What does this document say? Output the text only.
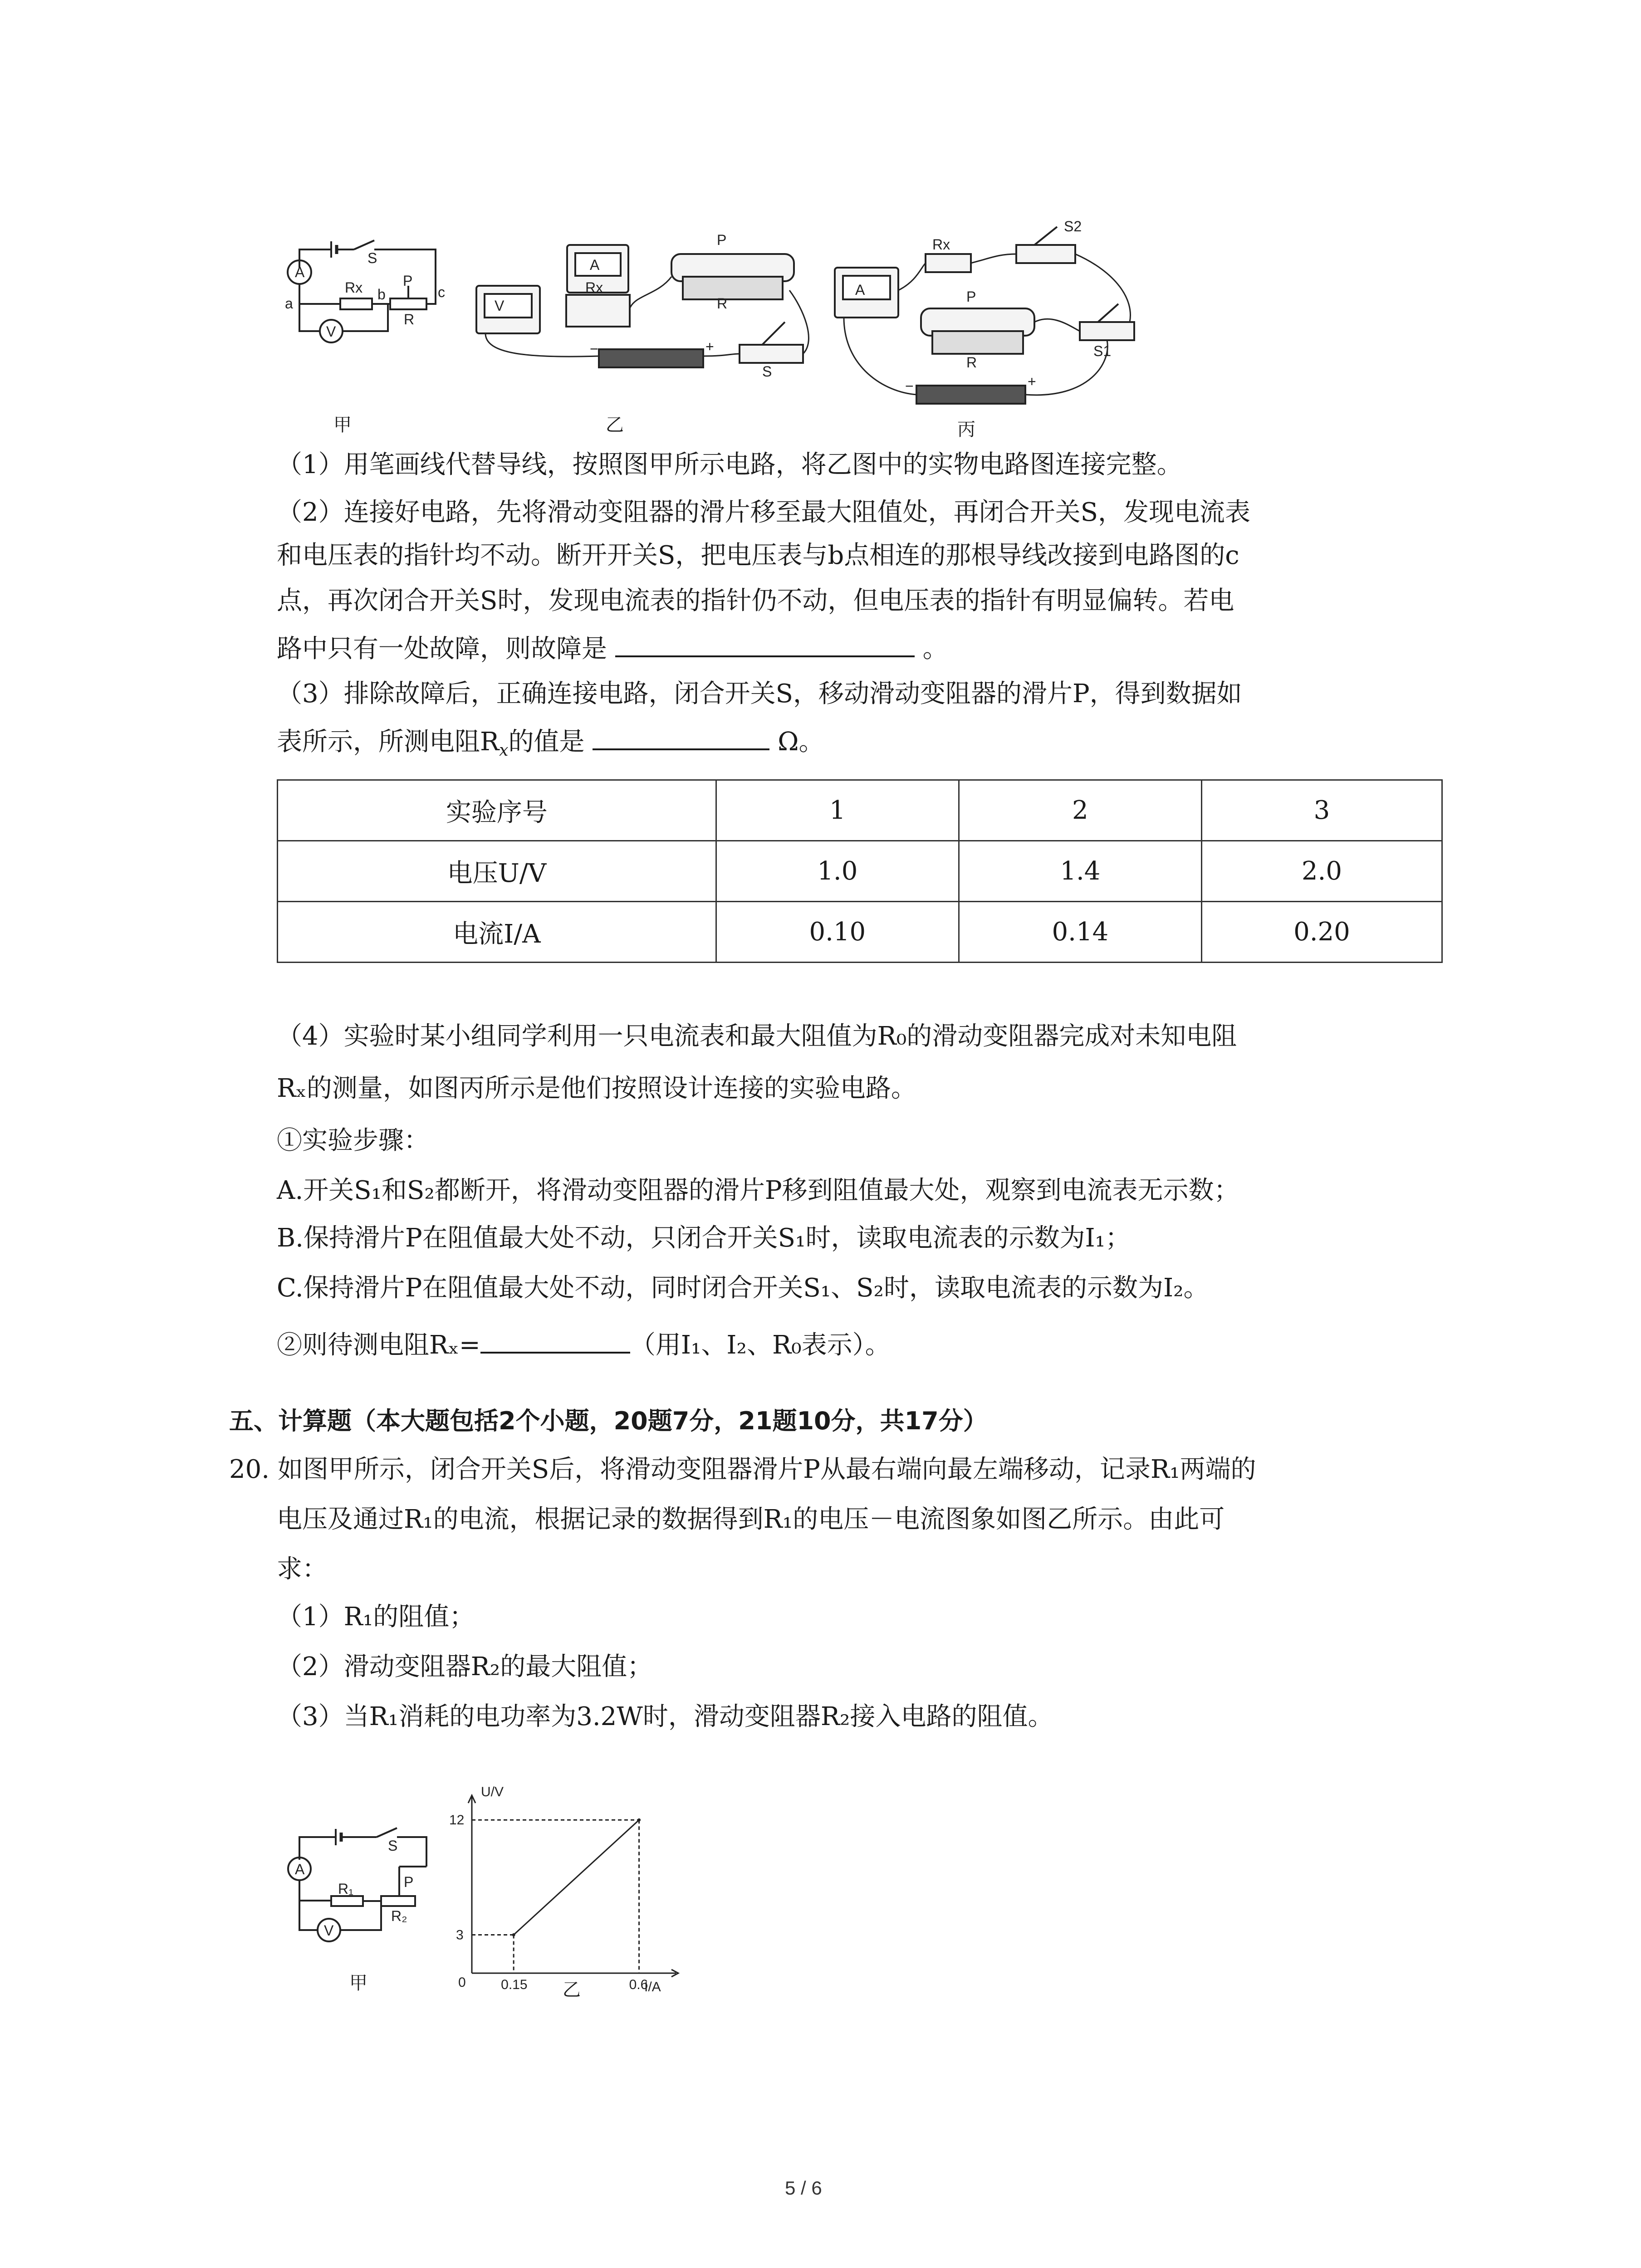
A
V
S
Rx	P
R
a
b	c
V
A
Rx
P
R
S
−	+
A
Rx
S2
P
R
S1
−	+
甲	乙	丙
（1）用笔画线代替导线，按照图甲所示电路，将乙图中的实物电路图连接完整。
（2）连接好电路，先将滑动变阻器的滑片移至最大阻值处，再闭合开关S，发现电流表
和电压表的指针均不动。断开开关S，把电压表与b点相连的那根导线改接到电路图的c
点，再次闭合开关S时，发现电流表的指针仍不动，但电压表的指针有明显偏转。若电
路中只有一处故障，则故障是	。
（3）排除故障后，正确连接电路，闭合开关S，移动滑动变阻器的滑片P，得到数据如
表所示，所测电阻$R_x$的值是	Ω。
实验序号	1	2	3
电压U/V	1.0	1.4	2.0
电流I/A	0.10	0.14	0.20
（4）实验时某小组同学利用一只电流表和最大阻值为R₀的滑动变阻器完成对未知电阻
Rₓ的测量，如图丙所示是他们按照设计连接的实验电路。
①实验步骤：
A.开关S₁和S₂都断开，将滑动变阻器的滑片P移到阻值最大处，观察到电流表无示数；
B.保持滑片P在阻值最大处不动，只闭合开关S₁时，读取电流表的示数为I₁；
C.保持滑片P在阻值最大处不动，同时闭合开关S₁、S₂时，读取电流表的示数为I₂。
②则待测电阻Rₓ=	（用I₁、I₂、R₀表示）。
五、计算题（本大题包括2个小题，20题7分，21题10分，共17分）
20. 如图甲所示，闭合开关S后，将滑动变阻器滑片P从最右端向最左端移动，记录R₁两端的
电压及通过R₁的电流，根据记录的数据得到R₁的电压－电流图象如图乙所示。由此可
求：
（1）R₁的阻值；
（2）滑动变阻器R₂的最大阻值；
（3）当R₁消耗的电功率为3.2W时，滑动变阻器R₂接入电路的阻值。
A
V
S
P
R₁
R₂
甲
U/V
I/A
0
12
3
0.15	0.6
乙
5 / 6
